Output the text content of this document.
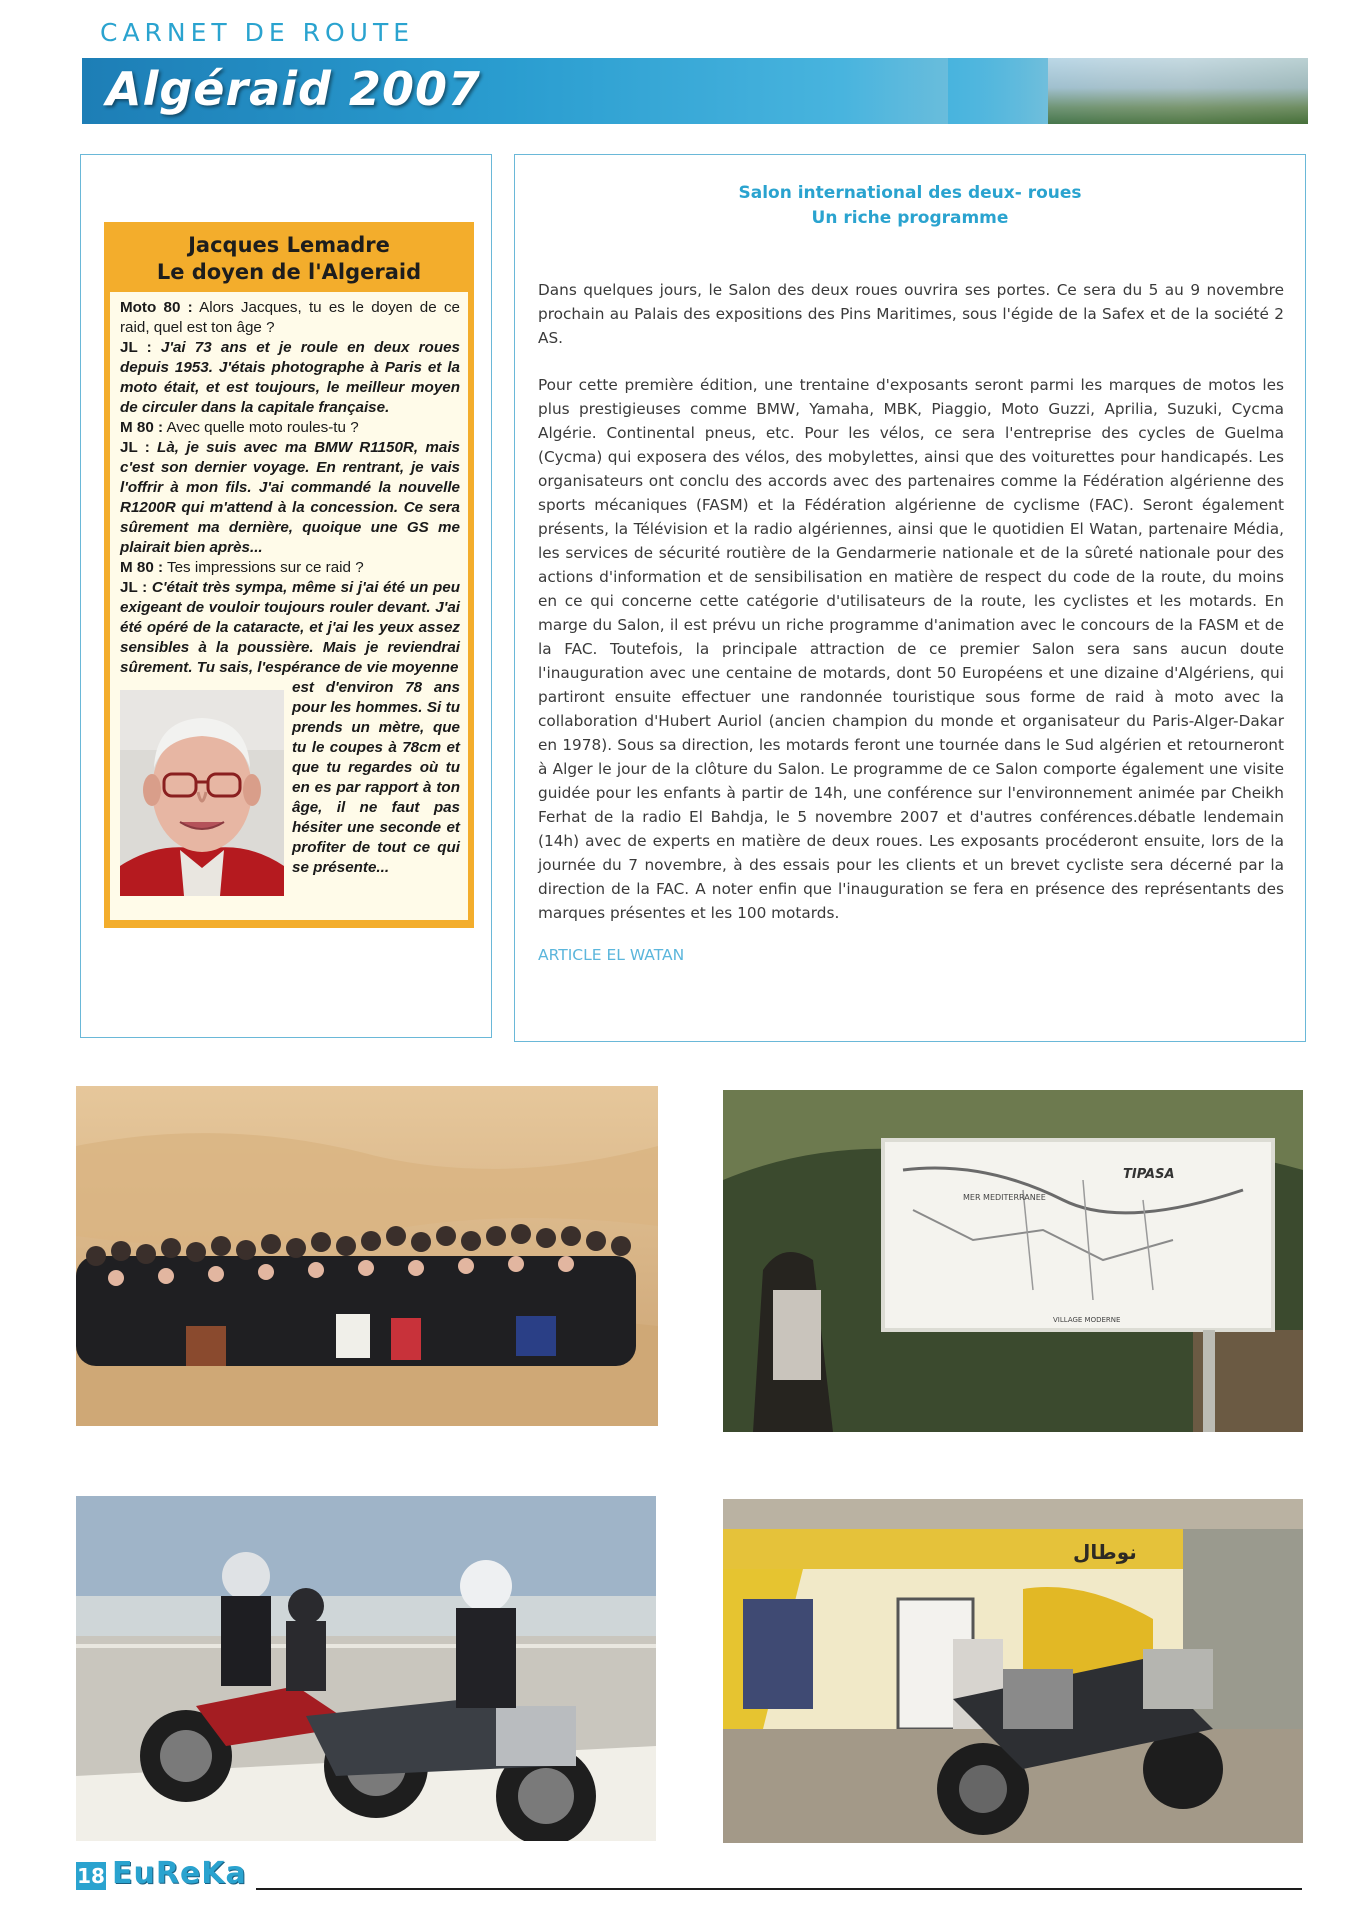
CARNET DE ROUTE
Algéraid 2007
Jacques Lemadre
Le doyen de l'Algeraid

Moto 80 : Alors Jacques, tu es le doyen de ce raid, quel est ton âge ?

JL : J'ai 73 ans et je roule en deux roues depuis 1953. J'étais photographe à Paris et la moto était, et est toujours, le meilleur moyen de circuler dans la capitale française.

M 80 : Avec quelle moto roules-tu ?

JL : Là, je suis avec ma BMW R1150R, mais c'est son dernier voyage. En rentrant, je vais l'offrir à mon fils. J'ai commandé la nouvelle R1200R qui m'attend à la concession. Ce sera sûrement ma dernière, quoique une GS me plairait bien après...

M 80 : Tes impressions sur ce raid ?

JL : C'était très sympa, même si j'ai été un peu exigeant de vouloir toujours rouler devant. J'ai été opéré de la cataracte, et j'ai les yeux assez sensibles à la poussière. Mais je reviendrai sûrement. Tu sais, l'espérance de vie moyenne

est d'environ 78 ans pour les hommes. Si tu prends un mètre, que tu le coupes à 78cm et que tu regardes où tu en es par rapport à ton âge, il ne faut pas hésiter une seconde et profiter de tout ce qui se présente...

Salon international des deux- roues
Un riche programme

Dans quelques jours, le Salon des deux roues ouvrira ses portes. Ce sera du 5 au 9 novembre prochain au Palais des expositions des Pins Maritimes, sous l'égide de la Safex et de la société 2 AS.

Pour cette première édition, une trentaine d'exposants seront parmi les marques de motos les plus prestigieuses comme BMW, Yamaha, MBK, Piaggio, Moto Guzzi, Aprilia, Suzuki, Cycma Algérie. Continental pneus, etc. Pour les vélos, ce sera l'entreprise des cycles de Guelma (Cycma) qui exposera des vélos, des mobylettes, ainsi que des voiturettes pour handicapés. Les organisateurs ont conclu des accords avec des partenaires comme la Fédération algérienne des sports mécaniques (FASM) et la Fédération algérienne de cyclisme (FAC). Seront également présents, la Télévision et la radio algériennes, ainsi que le quotidien El Watan, partenaire Média, les services de sécurité routière de la Gendarmerie nationale et de la sûreté nationale pour des actions d'information et de sensibilisation en matière de respect du code de la route, du moins en ce qui concerne cette catégorie d'utilisateurs de la route, les cyclistes et les motards. En marge du Salon, il est prévu un riche programme d'animation avec le concours de la FASM et de la FAC. Toutefois, la principale attraction de ce premier Salon sera sans aucun doute l'inauguration avec une centaine de motards, dont 50 Européens et une dizaine d'Algériens, qui partiront ensuite effectuer une randonnée touristique sous forme de raid à moto avec la collaboration d'Hubert Auriol (ancien champion du monde et organisateur du Paris-Alger-Dakar en 1978). Sous sa direction, les motards feront une tournée dans le Sud algérien et retourneront à Alger le jour de la clôture du Salon. Le programme de ce Salon comporte également une visite guidée pour les enfants à partir de 14h, une conférence sur l'environnement animée par Cheikh Ferhat de la radio El Bahdja, le 5 novembre 2007 et d'autres conférences.débatle lendemain (14h) avec de experts en matière de deux roues. Les exposants procéderont ensuite, lors de la journée du 7 novembre, à des essais pour les clients et un brevet cycliste sera décerné par la direction de la FAC. A noter enfin que l'inauguration se fera en présence des représentants des marques présentes et les 100 motards.

ARTICLE EL WATAN
TIPASA
MER MEDITERRANEE
VILLAGE MODERNE
نوطال
18 EuReKa
